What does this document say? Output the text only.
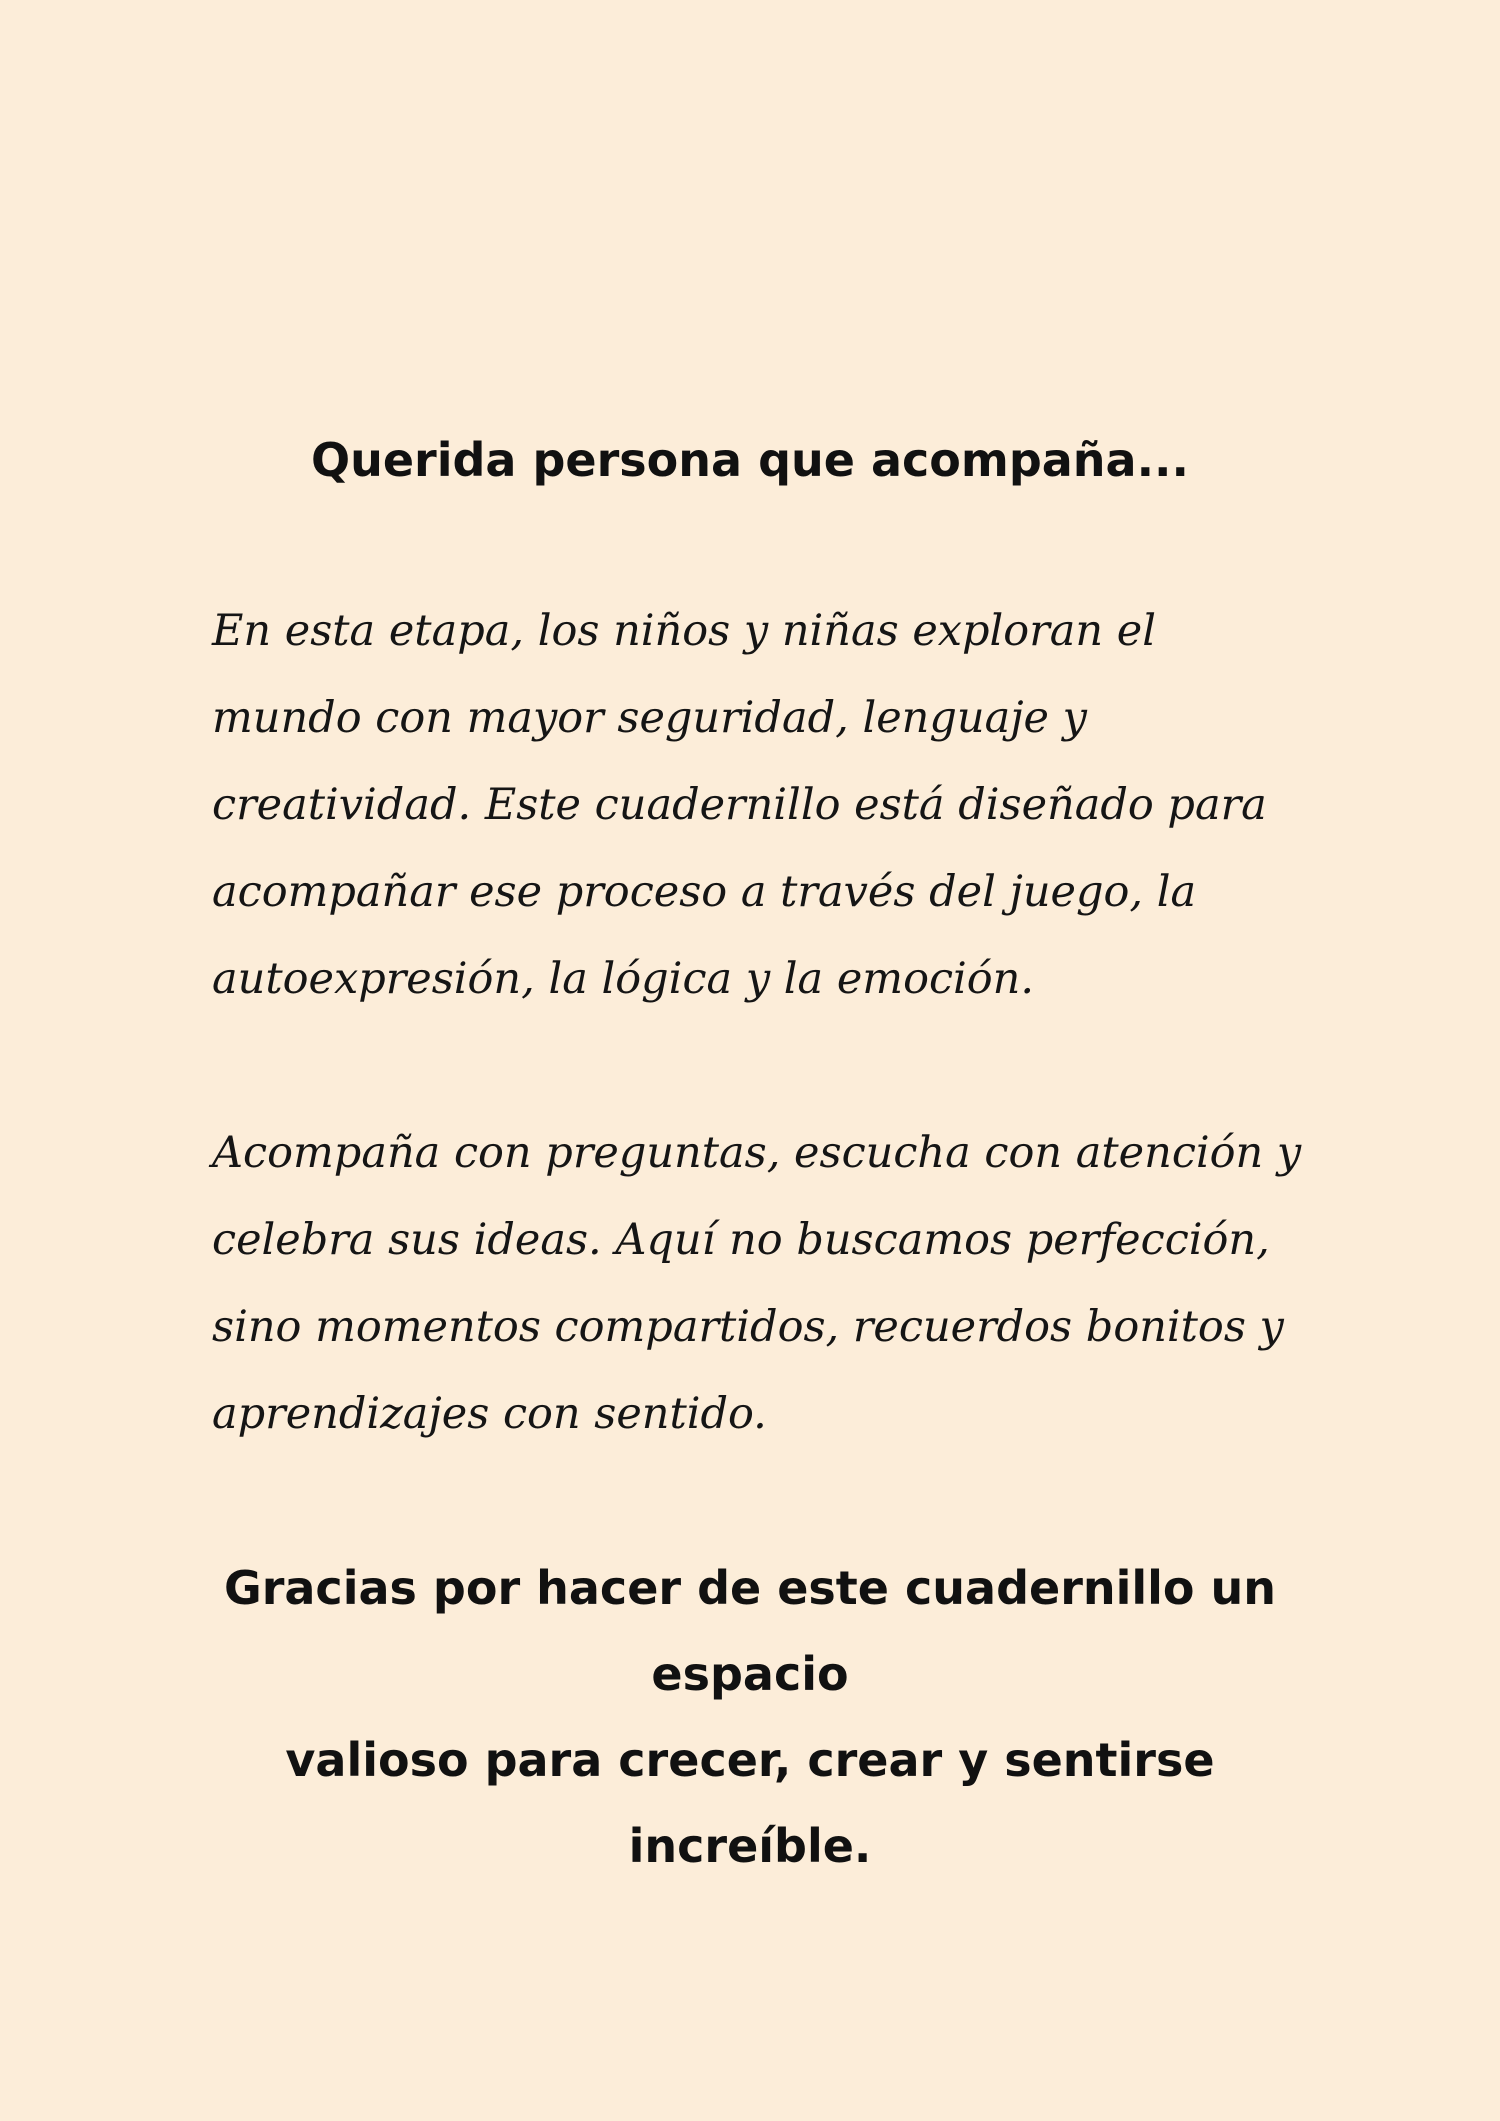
Querida persona que acompaña...

En esta etapa, los niños y niñas exploran el mundo con mayor seguridad, lenguaje y creatividad. Este cuadernillo está diseñado para acompañar ese proceso a través del juego, la autoexpresión, la lógica y la emoción.

Acompaña con preguntas, escucha con atención y celebra sus ideas. Aquí no buscamos perfección, sino momentos compartidos, recuerdos bonitos y aprendizajes con sentido.

Gracias por hacer de este cuadernillo un espacio
valioso para crecer, crear y sentirse increíble.
